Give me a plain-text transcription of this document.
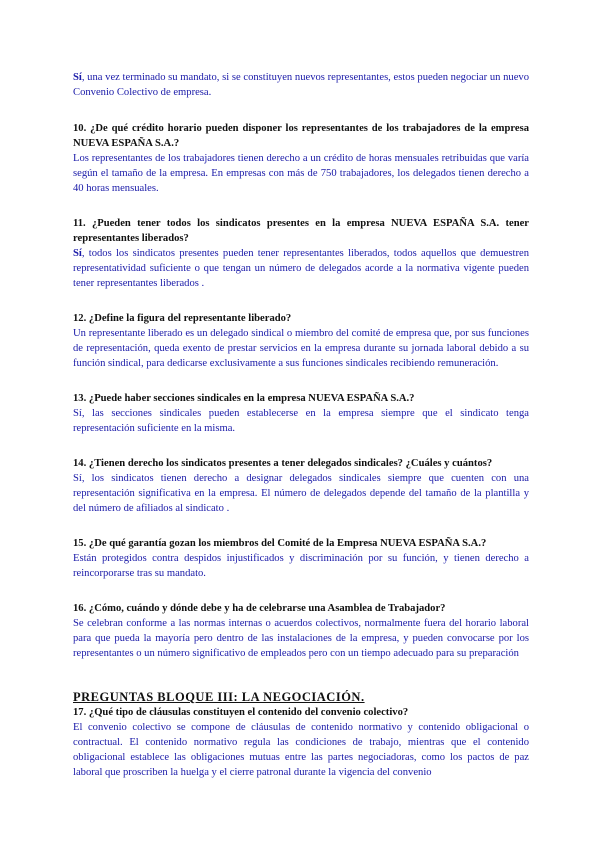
Sí, una vez terminado su mandato, si se constituyen nuevos representantes, estos pueden negociar un nuevo Convenio Colectivo de empresa.

10. ¿De qué crédito horario pueden disponer los representantes de los trabajadores de la empresa NUEVA ESPAÑA S.A.?

Los representantes de los trabajadores tienen derecho a un crédito de horas mensuales retribuidas que varía según el tamaño de la empresa. En empresas con más de 750 trabajadores, los delegados tienen derecho a 40 horas mensuales.

11. ¿Pueden tener todos los sindicatos presentes en la empresa NUEVA ESPAÑA S.A. tener representantes liberados?

Sí, todos los sindicatos presentes pueden tener representantes liberados, todos aquellos que demuestren representatividad suficiente o que tengan un número de delegados acorde a la normativa vigente pueden tener representantes liberados .

12. ¿Define la figura del representante liberado?

Un representante liberado es un delegado sindical o miembro del comité de empresa que, por sus funciones de representación, queda exento de prestar servicios en la empresa durante su jornada laboral debido a su función sindical, para dedicarse exclusivamente a sus funciones sindicales recibiendo remuneración.

13. ¿Puede haber secciones sindicales en la empresa NUEVA ESPAÑA S.A.?

Sí, las secciones sindicales pueden establecerse en la empresa siempre que el sindicato tenga representación suficiente en la misma.

14. ¿Tienen derecho los sindicatos presentes a tener delegados sindicales? ¿Cuáles y cuántos?

Sí, los sindicatos tienen derecho a designar delegados sindicales siempre que cuenten con una representación significativa en la empresa. El número de delegados depende del tamaño de la plantilla y del número de afiliados al sindicato .

15. ¿De qué garantía gozan los miembros del Comité de la Empresa NUEVA ESPAÑA S.A.?

Están protegidos contra despidos injustificados y discriminación por su función, y tienen derecho a reincorporarse tras su mandato.

16. ¿Cómo, cuándo y dónde debe y ha de celebrarse una Asamblea de Trabajador?

Se celebran conforme a las normas internas o acuerdos colectivos, normalmente fuera del horario laboral para que pueda la mayoría pero dentro de las instalaciones de la empresa, y pueden convocarse por los representantes o un número significativo de empleados pero con un tiempo adecuado para su preparación

PREGUNTAS BLOQUE III: LA NEGOCIACIÓN.

17. ¿Qué tipo de cláusulas constituyen el contenido del convenio colectivo?

El convenio colectivo se compone de cláusulas de contenido normativo y contenido obligacional o contractual. El contenido normativo regula las condiciones de trabajo, mientras que el contenido obligacional establece las obligaciones mutuas entre las partes negociadoras, como los pactos de paz laboral que proscriben la huelga y el cierre patronal durante la vigencia del convenio
